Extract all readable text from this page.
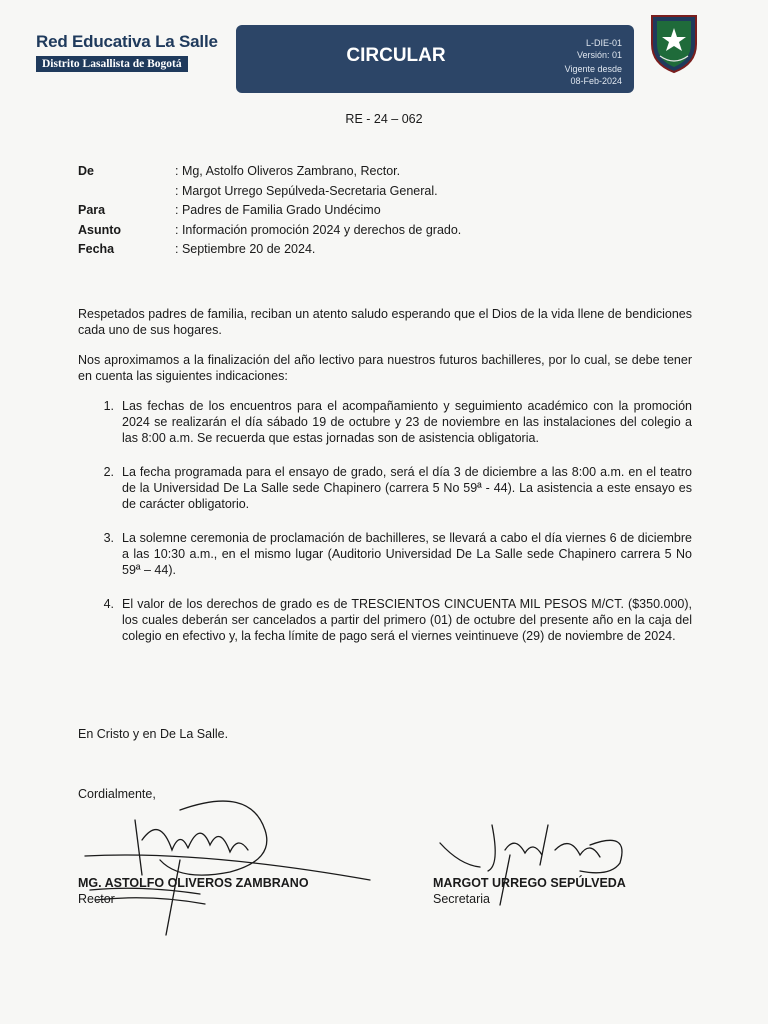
Red Educativa La Salle
Distrito Lasallista de Bogotá	CIRCULAR
L-DIE-01
Versión: 01
Vigente desde
08-Feb-2024
RE - 24 – 062
De	: Mg, Astolfo Oliveros Zambrano, Rector.
: Margot Urrego Sepúlveda-Secretaria General.
Para	: Padres de Familia Grado Undécimo
Asunto	: Información promoción 2024 y derechos de grado.
Fecha	: Septiembre 20 de 2024.

Respetados padres de familia, reciban un atento saludo esperando que el Dios de la vida llene de bendiciones cada uno de sus hogares.

Nos aproximamos a la finalización del año lectivo para nuestros futuros bachilleres, por lo cual, se debe tener en cuenta las siguientes indicaciones:

1. Las fechas de los encuentros para el acompañamiento y seguimiento académico con la promoción 2024 se realizarán el día sábado 19 de octubre y 23 de noviembre en las instalaciones del colegio a las 8:00 a.m. Se recuerda que estas jornadas son de asistencia obligatoria.
2. La fecha programada para el ensayo de grado, será el día 3 de diciembre a las 8:00 a.m. en el teatro de la Universidad De La Salle sede Chapinero (carrera 5 No 59ª - 44). La asistencia a este ensayo es de carácter obligatorio.
3. La solemne ceremonia de proclamación de bachilleres, se llevará a cabo el día viernes 6 de diciembre a las 10:30 a.m., en el mismo lugar (Auditorio Universidad De La Salle sede Chapinero carrera 5 No 59ª – 44).
4. El valor de los derechos de grado es de TRESCIENTOS CINCUENTA MIL PESOS M/CT. ($350.000), los cuales deberán ser cancelados a partir del primero (01) de octubre del presente año en la caja del colegio en efectivo y, la fecha límite de pago será el viernes veintinueve (29) de noviembre de 2024.
En Cristo y en De La Salle.
Cordialmente,
MG. ASTOLFO OLIVEROS ZAMBRANO
Rector
MARGOT URREGO SEPÚLVEDA
Secretaria
